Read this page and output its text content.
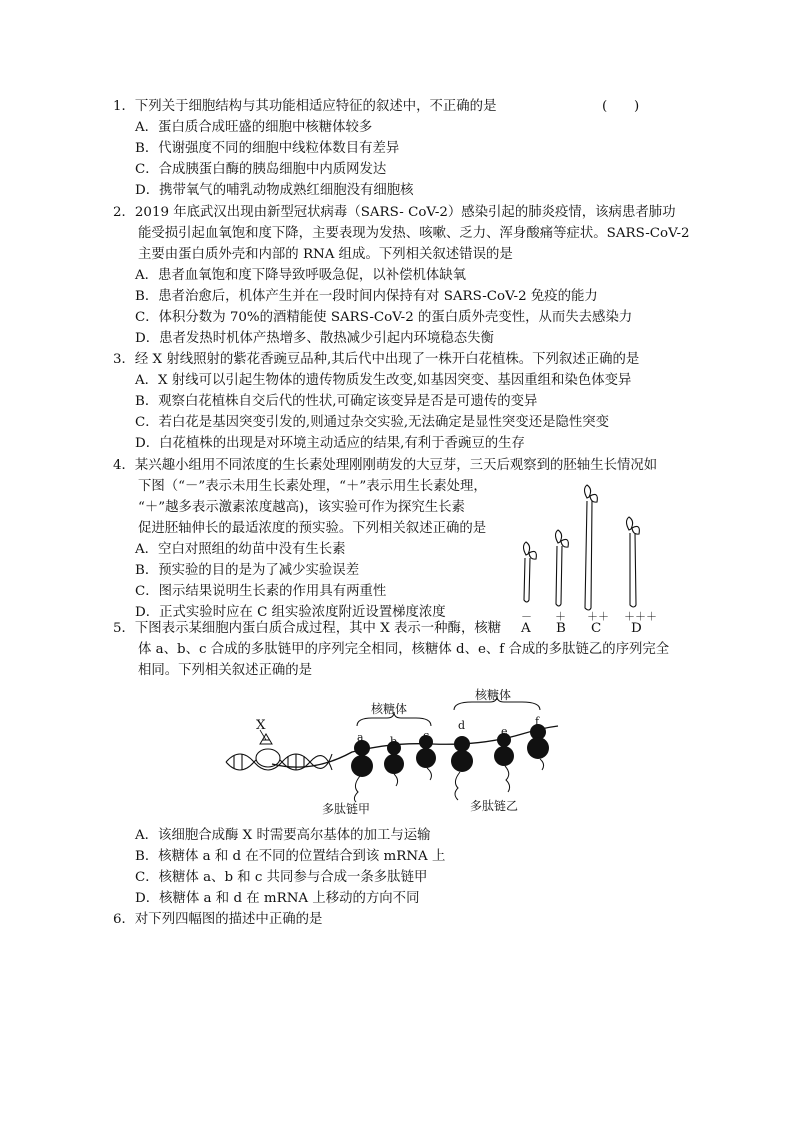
1．下列关于细胞结构与其功能相适应特征的叙述中，不正确的是	(　　)
A．蛋白质合成旺盛的细胞中核糖体较多
B．代谢强度不同的细胞中线粒体数目有差异
C．合成胰蛋白酶的胰岛细胞中内质网发达
D．携带氧气的哺乳动物成熟红细胞没有细胞核
2．2019 年底武汉出现由新型冠状病毒（SARS- CoV-2）感染引起的肺炎疫情，该病患者肺功
能受损引起血氧饱和度下降，主要表现为发热、咳嗽、乏力、浑身酸痛等症状。SARS-CoV-2
主要由蛋白质外壳和内部的 RNA 组成。下列相关叙述错误的是
A．患者血氧饱和度下降导致呼吸急促，以补偿机体缺氧
B．患者治愈后，机体产生并在一段时间内保持有对 SARS-CoV-2 免疫的能力
C．体积分数为 70%的酒精能使 SARS-CoV-2 的蛋白质外壳变性，从而失去感染力
D．患者发热时机体产热增多、散热减少引起内环境稳态失衡
3．经 X 射线照射的紫花香豌豆品种,其后代中出现了一株开白花植株。下列叙述正确的是
A．X 射线可以引起生物体的遗传物质发生改变,如基因突变、基因重组和染色体变异
B．观察白花植株自交后代的性状,可确定该变异是否是可遗传的变异
C．若白花是基因突变引发的,则通过杂交实验,无法确定是显性突变还是隐性突变
D．白花植株的出现是对环境主动适应的结果,有利于香豌豆的生存
4．某兴趣小组用不同浓度的生长素处理刚刚萌发的大豆芽，三天后观察到的胚轴生长情况如
下图（“－”表示未用生长素处理，“＋”表示用生长素处理，
“＋”越多表示激素浓度越高)，该实验可作为探究生长素
促进胚轴伸长的最适浓度的预实验。下列相关叙述正确的是
A．空白对照组的幼苗中没有生长素
B．预实验的目的是为了减少实验误差
C．图示结果说明生长素的作用具有两重性
D．正式实验时应在 C 组实验浓度附近设置梯度浓度	－ ＋ ＋＋ ＋＋＋
A B C D
5．下图表示某细胞内蛋白质合成过程，其中 X 表示一种酶，核糖
体 a、b、c 合成的多肽链甲的序列完全相同，核糖体 d、e、f 合成的多肽链乙的序列完全
相同。下列相关叙述正确的是
X
核糖体
核糖体
a b c
d	e
f
多肽链甲	多肽链乙
A．该细胞合成酶 X 时需要高尔基体的加工与运输
B．核糖体 a 和 d 在不同的位置结合到该 mRNA 上
C．核糖体 a、b 和 c 共同参与合成一条多肽链甲
D．核糖体 a 和 d 在 mRNA 上移动的方向不同
6．对下列四幅图的描述中正确的是
